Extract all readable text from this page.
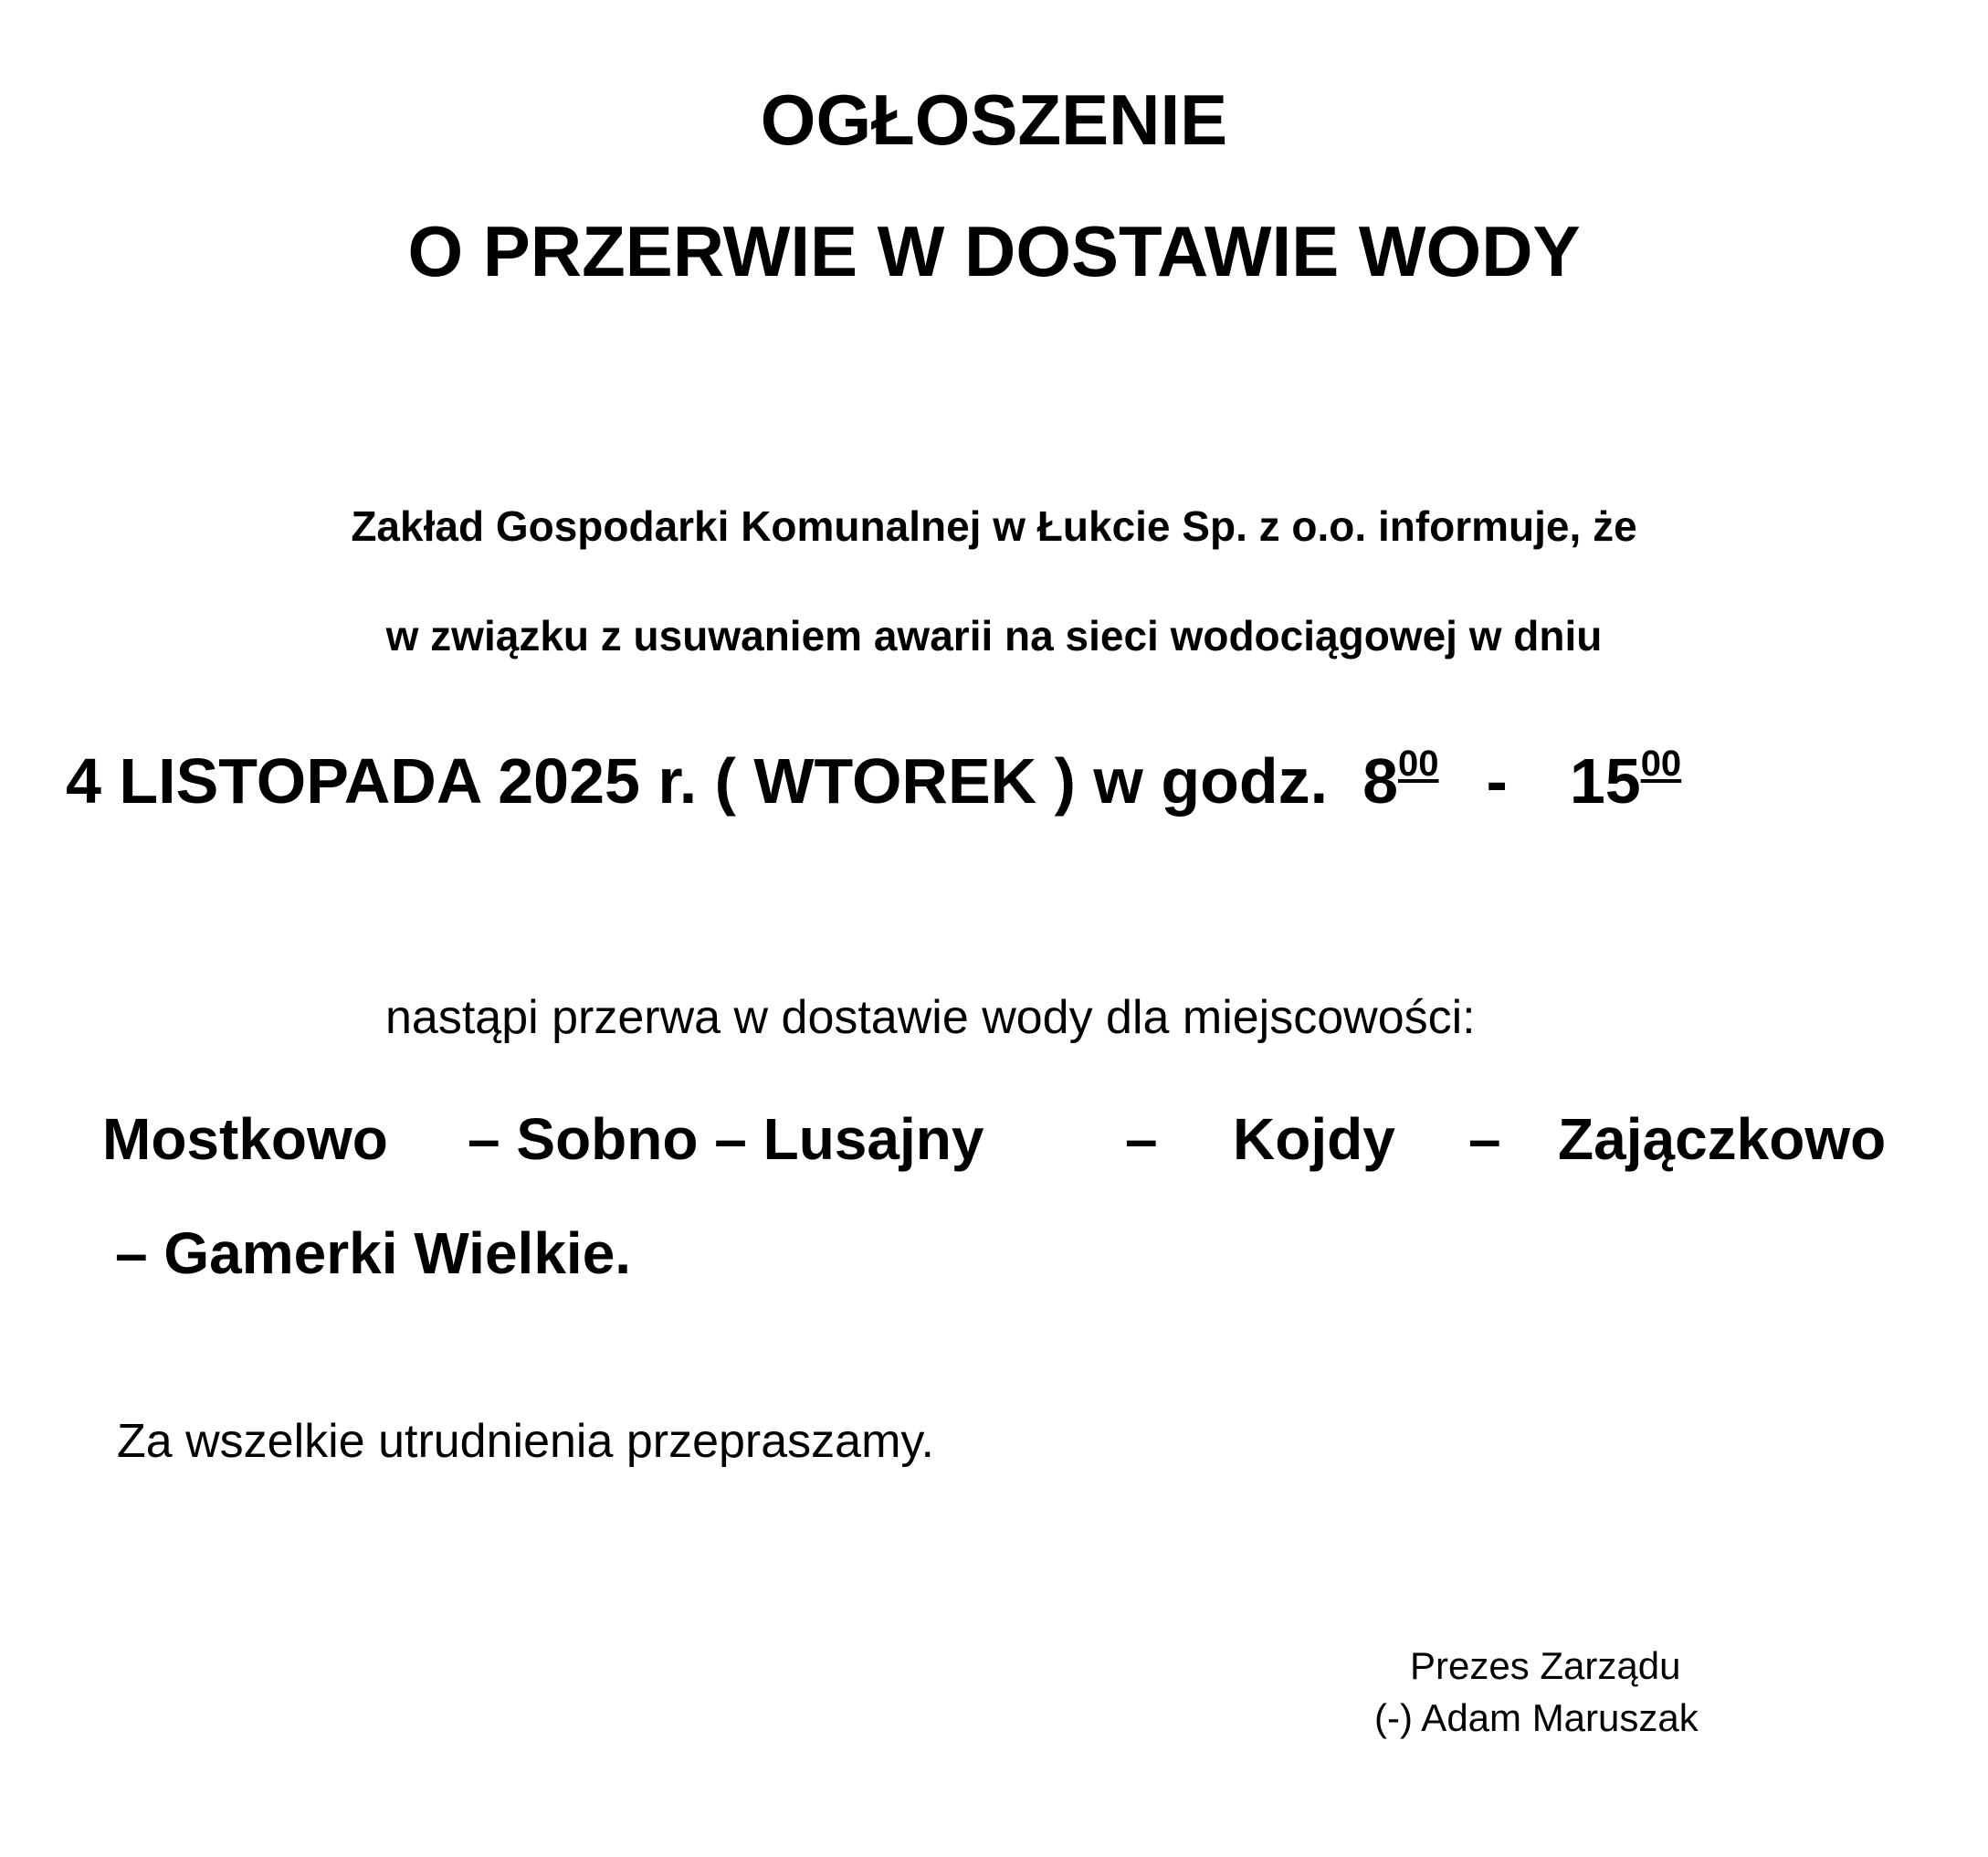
OGŁOSZENIE
O PRZERWIE W DOSTAWIE WODY
Zakład Gospodarki Komunalnej w Łukcie Sp. z o.o. informuje, że
w związku z usuwaniem awarii na sieci wodociągowej w dniu
4 LISTOPADA 2025 r. ( WTOREK ) w godz. $8^{00} - 15^{00}$
nastąpi przerwa w dostawie wody dla miejscowości:
Mostkowo – Sobno – Lusajny – Kojdy – Zajączkowo
– Gamerki Wielkie.
Za wszelkie utrudnienia przepraszamy.
Prezes Zarządu
(-) Adam Maruszak
